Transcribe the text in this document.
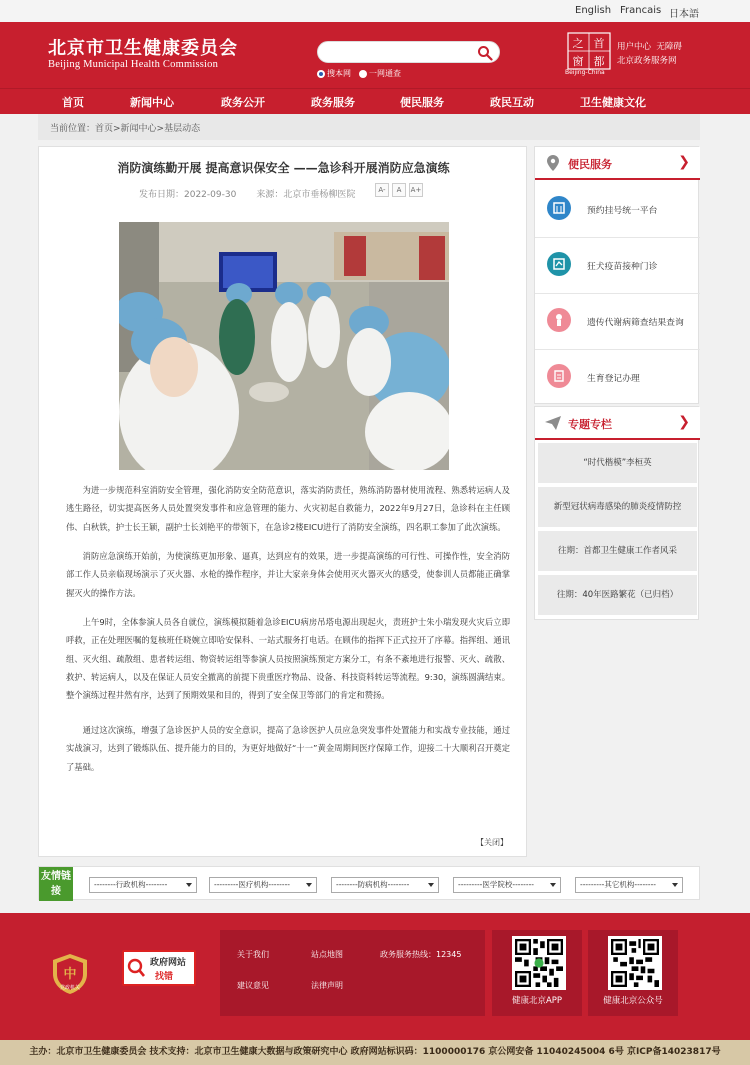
English Francais 日本語
北京市卫生健康委员会
Beijing Municipal Health Commission
搜本网 一网通查
首
之
都
窗
Beijing-China
用户中心 无障碍
北京政务服务网
首页	新闻中心	政务公开	政务服务	便民服务	政民互动	卫生健康文化
当前位置：首页>新闻中心>基层动态
消防演练勤开展 提高意识保安全 ——急诊科开展消防应急演练
发布日期：2022-09-30 来源：北京市垂杨柳医院	A-	A	A+
为进一步规范科室消防安全管理，强化消防安全防范意识，落实消防责任，熟练消防器材使用流程、熟悉转运病人及逃生路径，切实提高医务人员处置突发事件和应急管理的能力、火灾初起自救能力，2022年9月27日，急诊科在主任顾伟、白秋铁，护士长王颖，副护士长刘艳平的带领下，在急诊2楼EICU进行了消防安全演练，四名职工参加了此次演练。
消防应急演练开始前，为使演练更加形象、逼真，达到应有的效果，进一步提高演练的可行性、可操作性，安全消防部工作人员亲临现场演示了灭火器、水枪的操作程序，并让大家亲身体会使用灭火器灭火的感受，使参训人员都能正确掌握灭火的操作方法。
上午9时，全体参演人员各自就位，演练模拟随着急诊EICU病房吊塔电源出现起火，责班护士朱小瑞发现火灾后立即呼救，正在处理医嘱的复核班任晓婉立即哈安保科、一站式服务打电话。在顾伟的指挥下正式拉开了序幕。指挥组、通讯组、灭火组、疏散组、患者转运组、物资转运组等参演人员按照演练预定方案分工，有条不紊地进行报警、灭火、疏散、救护、转运病人，以及在保证人员安全撤离的前提下贵重医疗物品、设备、科技资料转运等流程。9:30，演练圆满结束。整个演练过程井然有序，达到了预期效果和目的，得到了安全保卫等部门的肯定和赞扬。
通过这次演练，增强了急诊医护人员的安全意识，提高了急诊医护人员应急突发事件处置能力和实战专业技能，通过实战演习，达到了锻炼队伍、提升能力的目的，为更好地做好“十一”黄金周期间医疗保障工作，迎接二十大顺利召开奠定了基础。
【关闭】
便民服务	❯
预约挂号统一平台
狂犬疫苗接种门诊
遗传代谢病筛查结果查询
生育登记办理
专题专栏	❯
“时代楷模”李桓英
新型冠状病毒感染的肺炎疫情防控
往期：首都卫生健康工作者风采
往期：40年医路繁花（已归档）
友情链接
--------行政机构--------	---------医疗机构--------	--------防病机构--------	---------医学院校--------	---------其它机构--------
中
党政机关
政府网站
找错
关于我们	站点地图	政务服务热线：12345
建议意见	法律声明
健康北京APP	健康北京公众号
主办：北京市卫生健康委员会 技术支持：北京市卫生健康大数据与政策研究中心 政府网站标识码：1100000176 京公网安备 11040245004 6号 京ICP备14023817号
